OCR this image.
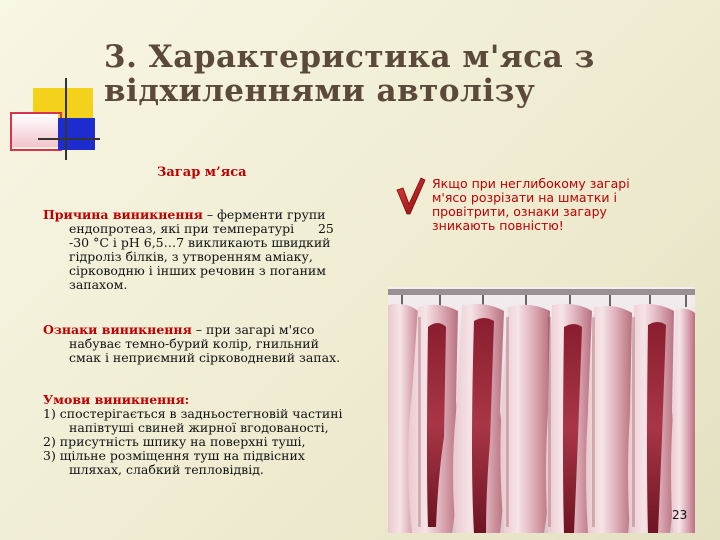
3. Характеристика м'яса з відхиленнями автолізу
Загар м’яса
Причина виникнення – ферменти групи
ендопротеаз, які при температурі      25
-30 °С і рН 6,5…7 викликають швидкий
гідроліз білків, з утворенням аміаку,
сірководню і інших речовин з поганим
запахом.
Ознаки виникнення – при загарі м'ясо
набуває темно-бурий колір, гнильний
смак і неприємний сірководневий запах.
Умови виникнення:
1) спостерігається в задньостегновій частині
напівтуші свиней жирної вгодованості,
2) присутність шпику на поверхні туші,
3) щільне розміщення туш на підвісних
шляхах, слабкий тепловідвід.
Якщо при неглибокому загарі
м'ясо розрізати на шматки і
провітрити, ознаки загару
зникають повністю!
23
